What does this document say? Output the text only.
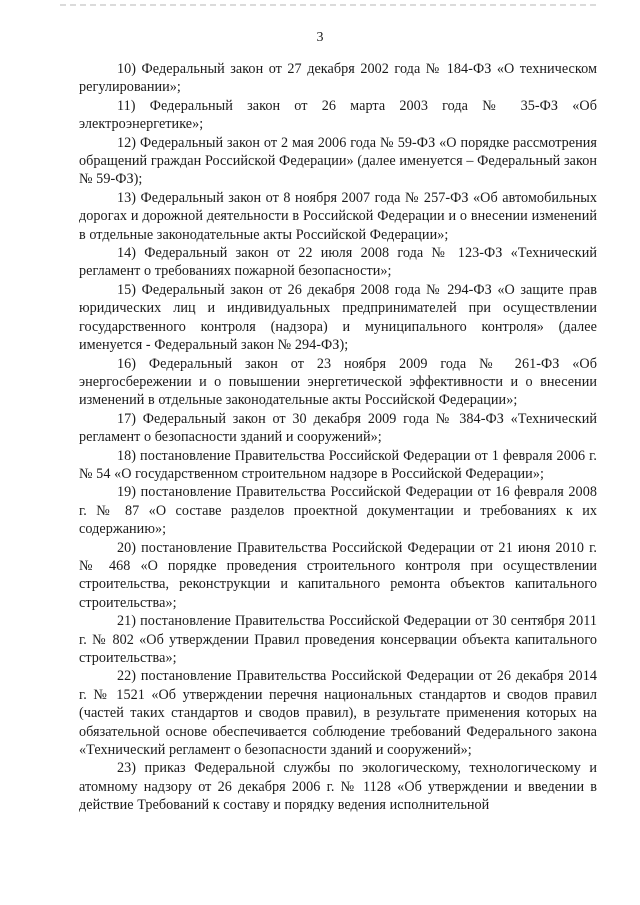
3

10) Федеральный закон от 27 декабря 2002 года № 184-ФЗ «О техническом регулировании»;

11) Федеральный закон от 26 марта 2003 года № 35-ФЗ «Об электроэнергетике»;

12) Федеральный закон от 2 мая 2006 года № 59-ФЗ «О порядке рассмотрения обращений граждан Российской Федерации» (далее именуется – Федеральный закон № 59-ФЗ);

13) Федеральный закон от 8 ноября 2007 года № 257-ФЗ «Об автомобильных дорогах и дорожной деятельности в Российской Федерации и о внесении изменений в отдельные законодательные акты Российской Федерации»;

14) Федеральный закон от 22 июля 2008 года № 123-ФЗ «Технический регламент о требованиях пожарной безопасности»;

15) Федеральный закон от 26 декабря 2008 года № 294-ФЗ «О защите прав юридических лиц и индивидуальных предпринимателей при осуществлении государственного контроля (надзора) и муниципального контроля» (далее именуется - Федеральный закон № 294-ФЗ);

16) Федеральный закон от 23 ноября 2009 года № 261-ФЗ «Об энергосбережении и о повышении энергетической эффективности и о внесении изменений в отдельные законодательные акты Российской Федерации»;

17) Федеральный закон от 30 декабря 2009 года № 384-ФЗ «Технический регламент о безопасности зданий и сооружений»;

18) постановление Правительства Российской Федерации от 1 февраля 2006 г. № 54 «О государственном строительном надзоре в Российской Федерации»;

19) постановление Правительства Российской Федерации от 16 февраля 2008 г. № 87 «О составе разделов проектной документации и требованиях к их содержанию»;

20) постановление Правительства Российской Федерации от 21 июня 2010 г. № 468 «О порядке проведения строительного контроля при осуществлении строительства, реконструкции и капитального ремонта объектов капитального строительства»;

21) постановление Правительства Российской Федерации от 30 сентября 2011 г. № 802 «Об утверждении Правил проведения консервации объекта капитального строительства»;

22) постановление Правительства Российской Федерации от 26 декабря 2014 г. № 1521 «Об утверждении перечня национальных стандартов и сводов правил (частей таких стандартов и сводов правил), в результате применения которых на обязательной основе обеспечивается соблюдение требований Федерального закона «Технический регламент о безопасности зданий и сооружений»;

23) приказ Федеральной службы по экологическому, технологическому и атомному надзору от 26 декабря 2006 г. № 1128 «Об утверждении и введении в действие Требований к составу и порядку ведения исполнительной
